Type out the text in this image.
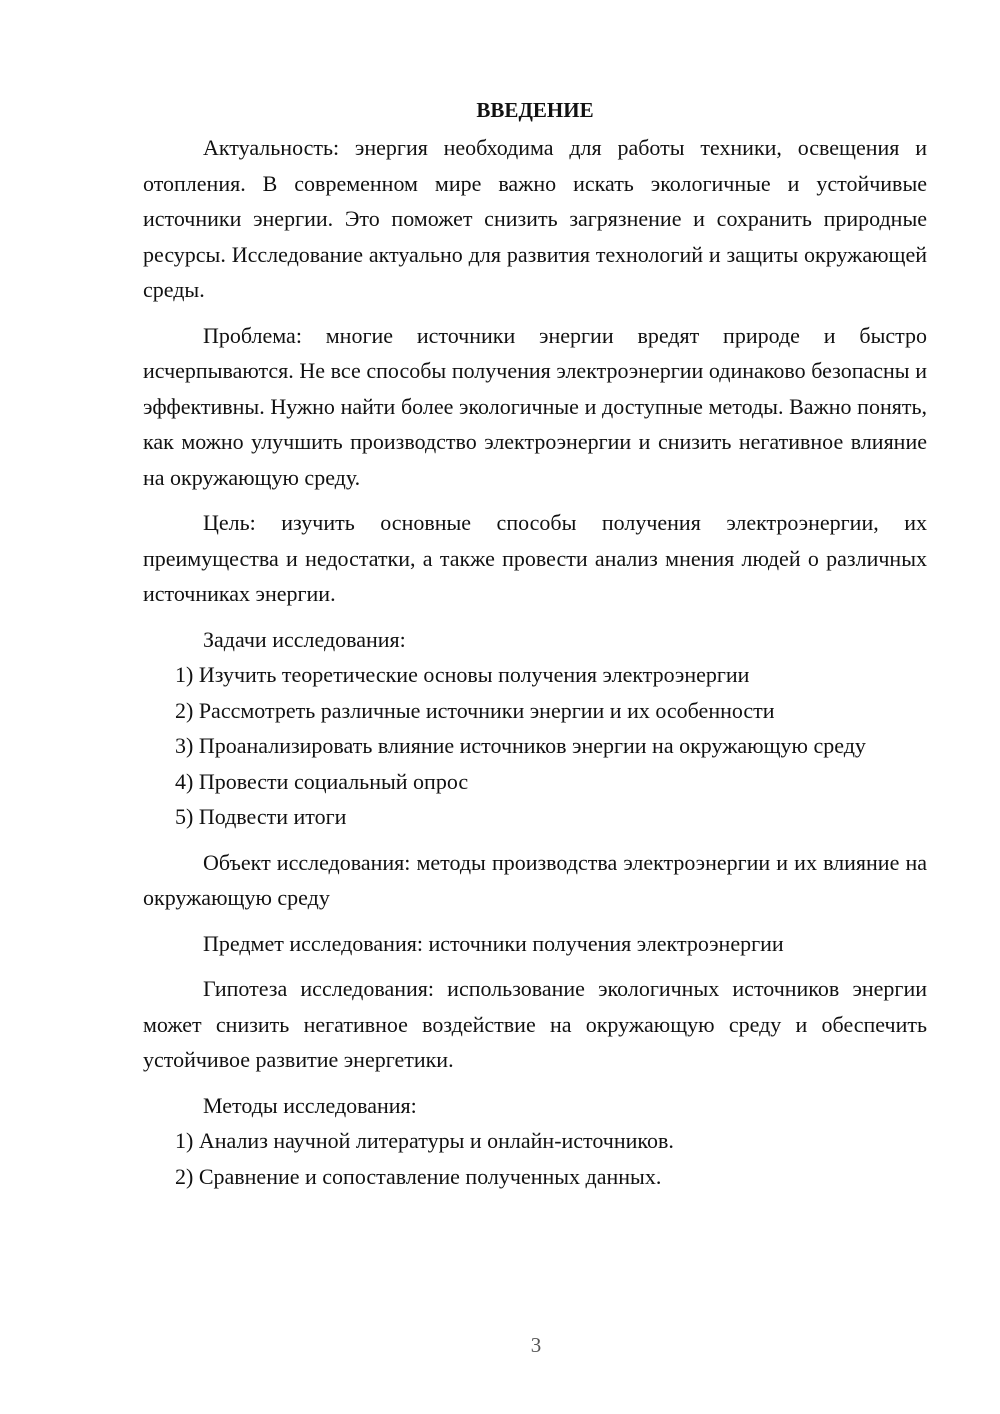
ВВЕДЕНИЕ

Актуальность: энергия необходима для работы техники, освещения и отопления. В современном мире важно искать экологичные и устойчивые источники энергии. Это поможет снизить загрязнение и сохранить природные ресурсы. Исследование актуально для развития технологий и защиты окружающей среды.

Проблема: многие источники энергии вредят природе и быстро исчерпываются. Не все способы получения электроэнергии одинаково безопасны и эффективны. Нужно найти более экологичные и доступные методы. Важно понять, как можно улучшить производство электроэнергии и снизить негативное влияние на окружающую среду.

Цель: изучить основные способы получения электроэнергии, их преимущества и недостатки, а также провести анализ мнения людей о различных источниках энергии.

Задачи исследования:

1) Изучить теоретические основы получения электроэнергии

2) Рассмотреть различные источники энергии и их особенности

3) Проанализировать влияние источников энергии на окружающую среду

4) Провести социальный опрос

5) Подвести итоги

Объект исследования: методы производства электроэнергии и их влияние на окружающую среду

Предмет исследования: источники получения электроэнергии

Гипотеза исследования: использование экологичных источников энергии может снизить негативное воздействие на окружающую среду и обеспечить устойчивое развитие энергетики.

Методы исследования:

1) Анализ научной литературы и онлайн-источников.

2) Сравнение и сопоставление полученных данных.

3
